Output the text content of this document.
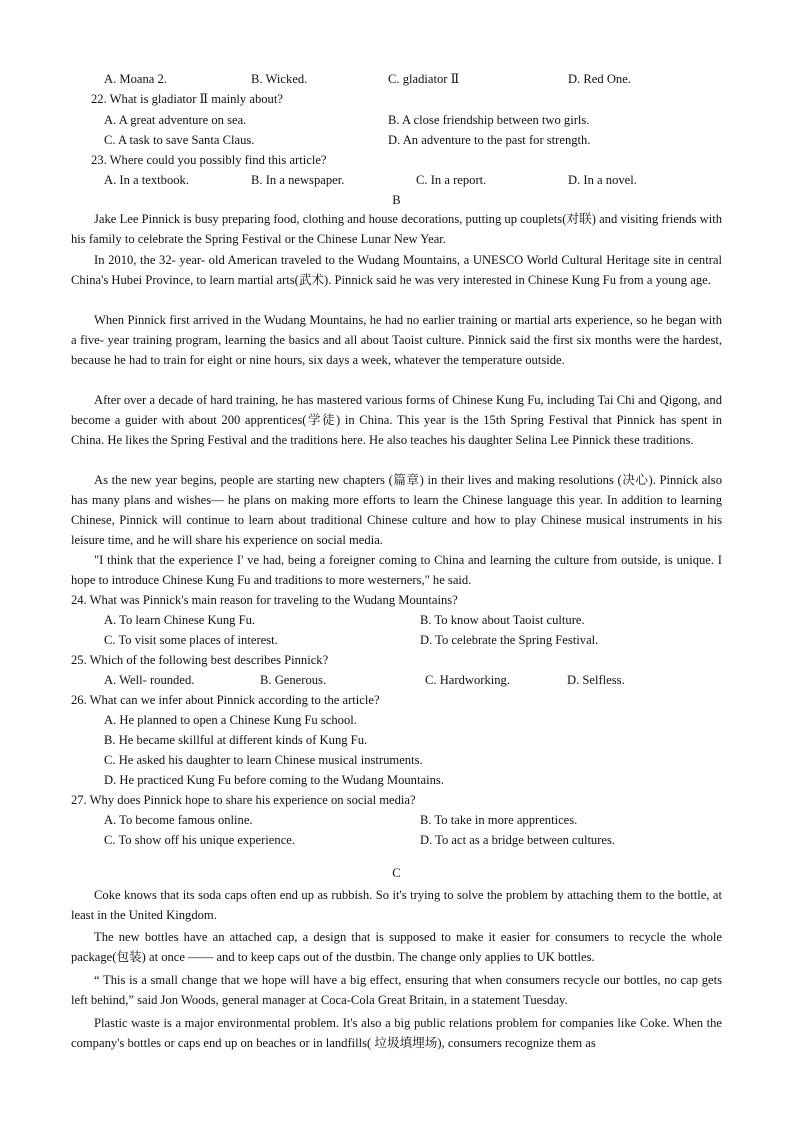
A. Moana 2.	B. Wicked.	C. gladiator Ⅱ	D. Red One.
22. What is gladiator Ⅱ mainly about?
A. A great adventure on sea.	B. A close friendship between two girls.
C. A task to save Santa Claus.	D. An adventure to the past for strength.
23. Where could you possibly find this article?
A. In a textbook.	B. In a newspaper.	C. In a report.	D. In a novel.
B
Jake Lee Pinnick is busy preparing food, clothing and house decorations, putting up couplets(对联) and visiting friends with his family to celebrate the Spring Festival or the Chinese Lunar New Year.
In 2010, the 32- year- old American traveled to the Wudang Mountains, a UNESCO World Cultural Heritage site in central China's Hubei Province, to learn martial arts(武术). Pinnick said he was very interested in Chinese Kung Fu from a young age.
When Pinnick first arrived in the Wudang Mountains, he had no earlier training or martial arts experience, so he began with a five- year training program, learning the basics and all about Taoist culture. Pinnick said the first six months were the hardest, because he had to train for eight or nine hours, six days a week, whatever the temperature outside.
After over a decade of hard training, he has mastered various forms of Chinese Kung Fu, including Tai Chi and Qigong, and become a guider with about 200 apprentices(学徒) in China. This year is the 15th Spring Festival that Pinnick has spent in China. He likes the Spring Festival and the traditions here. He also teaches his daughter Selina Lee Pinnick these traditions.
As the new year begins, people are starting new chapters (篇章) in their lives and making resolutions (决心). Pinnick also has many plans and wishes— he plans on making more efforts to learn the Chinese language this year. In addition to learning Chinese, Pinnick will continue to learn about traditional Chinese culture and how to play Chinese musical instruments in his leisure time, and he will share his experience on social media.
"I think that the experience I' ve had, being a foreigner coming to China and learning the culture from outside, is unique. I hope to introduce Chinese Kung Fu and traditions to more westerners," he said.
24. What was Pinnick's main reason for traveling to the Wudang Mountains?
A. To learn Chinese Kung Fu.	B. To know about Taoist culture.
C. To visit some places of interest.	D. To celebrate the Spring Festival.
25. Which of the following best describes Pinnick?
A. Well- rounded.	B. Generous.	C. Hardworking.	D. Selfless.
26. What can we infer about Pinnick according to the article?
A. He planned to open a Chinese Kung Fu school.
B. He became skillful at different kinds of Kung Fu.
C. He asked his daughter to learn Chinese musical instruments.
D. He practiced Kung Fu before coming to the Wudang Mountains.
27. Why does Pinnick hope to share his experience on social media?
A. To become famous online.	B. To take in more apprentices.
C. To show off his unique experience.	D. To act as a bridge between cultures.
C
Coke knows that its soda caps often end up as rubbish. So it's trying to solve the problem by attaching them to the bottle, at least in the United Kingdom.
The new bottles have an attached cap, a design that is supposed to make it easier for consumers to recycle the whole package(包装) at once —— and to keep caps out of the dustbin. The change only applies to UK bottles.
“ This is a small change that we hope will have a big effect, ensuring that when consumers recycle our bottles, no cap gets left behind,” said Jon Woods, general manager at Coca-Cola Great Britain, in a statement Tuesday.
Plastic waste is a major environmental problem. It's also a big public relations problem for companies like Coke. When the company's bottles or caps end up on beaches or in landfills( 垃圾填埋场), consumers recognize them as
